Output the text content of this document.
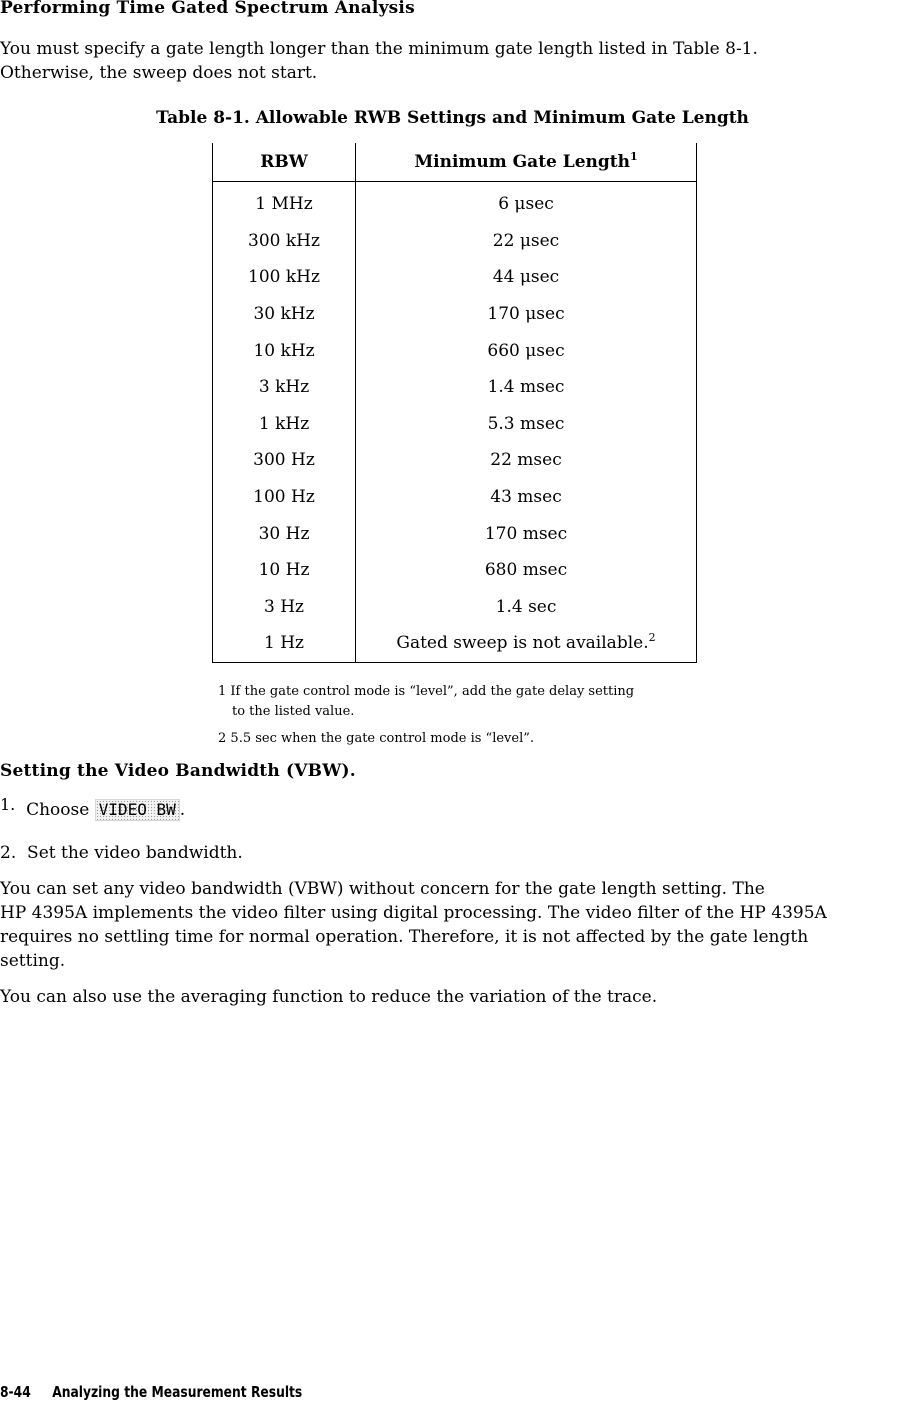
Performing Time Gated Spectrum Analysis
You must specify a gate length longer than the minimum gate length listed in Table 8-1.
Otherwise, the sweep does not start.
Table 8-1. Allowable RWB Settings and Minimum Gate Length
RBW	Minimum Gate Length$^1$
1 MHz	6 μsec
300 kHz	22 μsec
100 kHz	44 μsec
30 kHz	170 μsec
10 kHz	660 μsec
3 kHz	1.4 msec
1 kHz	5.3 msec
300 Hz	22 msec
100 Hz	43 msec
30 Hz	170 msec
10 Hz	680 msec
3 Hz	1.4 sec
1 Hz	Gated sweep is not available.$^2$
1 If the gate control mode is “level”, add the gate delay setting
to the listed value.
2 5.5 sec when the gate control mode is “level”.
Setting the Video Bandwidth (VBW).
1. Choose VIDEO BW .
2. Set the video bandwidth.
You can set any video bandwidth (VBW) without concern for the gate length setting. The
HP 4395A implements the video filter using digital processing. The video filter of the HP 4395A
requires no settling time for normal operation. Therefore, it is not affected by the gate length
setting.
You can also use the averaging function to reduce the variation of the trace.
8-44 Analyzing the Measurement Results
